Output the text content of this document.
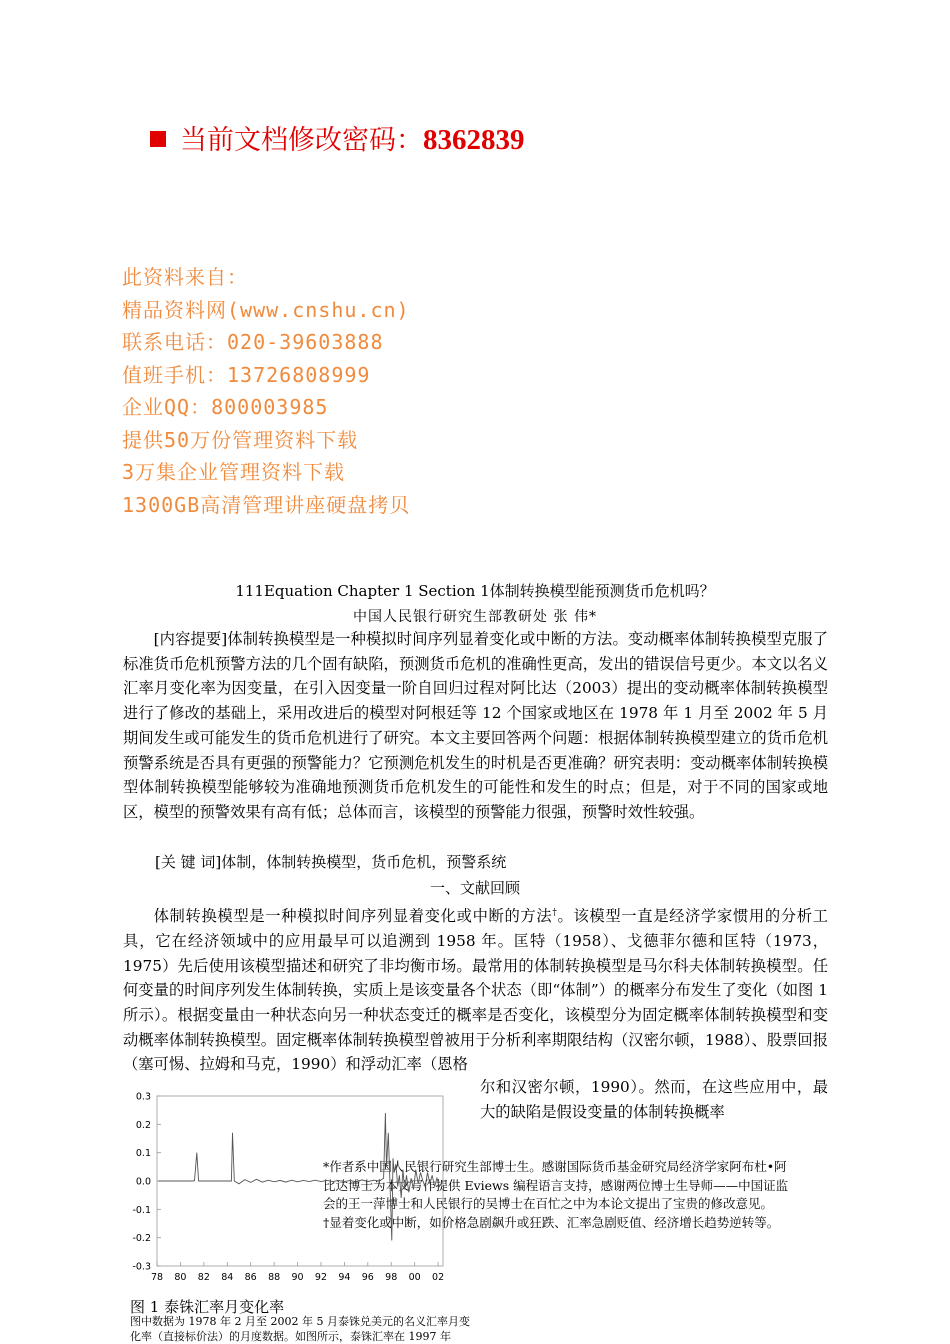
当前文档修改密码：8362839
此资料来自：
精品资料网(www.cnshu.cn)
联系电话：020-39603888
值班手机：13726808999
企业QQ：800003985
提供50万份管理资料下载
3万集企业管理资料下载
1300GB高清管理讲座硬盘拷贝
111Equation Chapter 1 Section 1体制转换模型能预测货币危机吗？
中国人民银行研究生部教研处 张 伟*

[内容提要]体制转换模型是一种模拟时间序列显着变化或中断的方法。变动概率体制转换模型克服了标准货币危机预警方法的几个固有缺陷，预测货币危机的准确性更高，发出的错误信号更少。本文以名义汇率月变化率为因变量，在引入因变量一阶自回归过程对阿比达（2003）提出的变动概率体制转换模型进行了修改的基础上，采用改进后的模型对阿根廷等 12 个国家或地区在 1978 年 1 月至 2002 年 5 月期间发生或可能发生的货币危机进行了研究。本文主要回答两个问题：根据体制转换模型建立的货币危机预警系统是否具有更强的预警能力？它预测危机发生的时机是否更准确？研究表明：变动概率体制转换模型体制转换模型能够较为准确地预测货币危机发生的可能性和发生的时点；但是，对于不同的国家或地区，模型的预警效果有高有低；总体而言，该模型的预警能力很强，预警时效性较强。

[关 键 词]体制，体制转换模型，货币危机，预警系统
一、文献回顾

体制转换模型是一种模拟时间序列显着变化或中断的方法†。该模型一直是经济学家惯用的分析工具，它在经济领域中的应用最早可以追溯到 1958 年。匡特（1958）、戈德菲尔德和匡特（1973，1975）先后使用该模型描述和研究了非均衡市场。最常用的体制转换模型是马尔科夫体制转换模型。任何变量的时间序列发生体制转换，实质上是该变量各个状态（即“体制”）的概率分布发生了变化（如图 1 所示）。根据变量由一种状态向另一种状态变迁的概率是否变化，该模型分为固定概率体制转换模型和变动概率体制转换模型。固定概率体制转换模型曾被用于分析利率期限结构（汉密尔顿，1988）、股票回报（塞可惕、拉姆和马克，1990）和浮动汇率（恩格

尔和汉密尔顿，1990）。然而，在这些应用中，最大的缺陷是假设变量的体制转换概率
*作者系中国人民银行研究生部博士生。感谢国际货币基金研究局经济学家阿布杜•阿
比达博士为本文写作提供 Eviews 编程语言支持，感谢两位博士生导师——中国证监
会的王一萍博士和人民银行的吴博士在百忙之中为本论文提出了宝贵的修改意见。
†显着变化或中断，如价格急剧飙升或狂跌、汇率急剧贬值、经济增长趋势逆转等。
0.3
0.2
0.1
0.0
-0.1
-0.2
-0.3
78 80 82 84 86 88 90 92 94 96 98 00 02
图 1 泰铢汇率月变化率
图中数据为 1978 年 2 月至 2002 年 5 月泰铢兑美元的名义汇率月变化率（直接标价法）的月度数据。如图所示，泰铢汇率在 1997 年
